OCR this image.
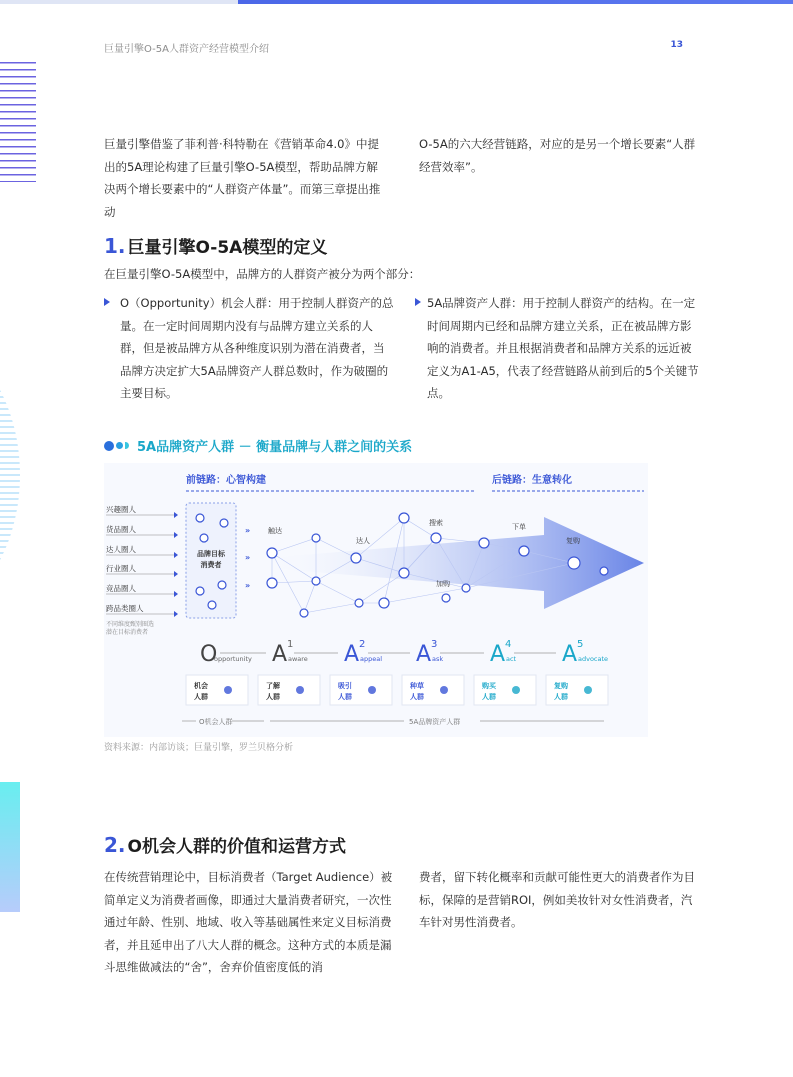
巨量引擎O-5A人群资产经营模型介绍	13
巨量引擎借鉴了菲利普·科特勒在《营销革命4.0》中提出的5A理论构建了巨量引擎O-5A模型，帮助品牌方解决两个增长要素中的“人群资产体量”。而第三章提出推动
O-5A的六大经营链路，对应的是另一个增长要素“人群经营效率”。
1. 巨量引擎O-5A模型的定义
在巨量引擎O-5A模型中，品牌方的人群资产被分为两个部分：
O（Opportunity）机会人群：用于控制人群资产的总量。在一定时间周期内没有与品牌方建立关系的人群，但是被品牌方从各种维度识别为潜在消费者，当品牌方决定扩大5A品牌资产人群总数时，作为破圈的主要目标。
5A品牌资产人群：用于控制人群资产的结构。在一定时间周期内已经和品牌方建立关系，正在被品牌方影响的消费者。并且根据消费者和品牌方关系的远近被定义为A1-A5，代表了经营链路从前到后的5个关键节点。
5A品牌资产人群 － 衡量品牌与人群之间的关系
前链路：心智构建	后链路：生意转化
兴趣圈人
货品圈人
达人圈人
行业圈人
竞品圈人
跨品类圈人
不同维度甄别圈选
潜在目标消费者
品牌目标
消费者
»
»
»
触达
达人
搜索	下单
复购
加购
O
opportunity A 1
aware A 2
appeal A 3
ask A 4
act A 5
advocate
机会
人群
了解
人群
吸引
人群
种草
人群
购买
人群
复购
人群
O机会人群	5A品牌资产人群
资料来源：内部访谈；巨量引擎，罗兰贝格分析
2. O机会人群的价值和运营方式
在传统营销理论中，目标消费者（Target Audience）被简单定义为消费者画像，即通过大量消费者研究，一次性通过年龄、性别、地域、收入等基础属性来定义目标消费者，并且延申出了八大人群的概念。这种方式的本质是漏斗思维做减法的“舍”，舍弃价值密度低的消
费者，留下转化概率和贡献可能性更大的消费者作为目标，保障的是营销ROI，例如美妆针对女性消费者，汽车针对男性消费者。
